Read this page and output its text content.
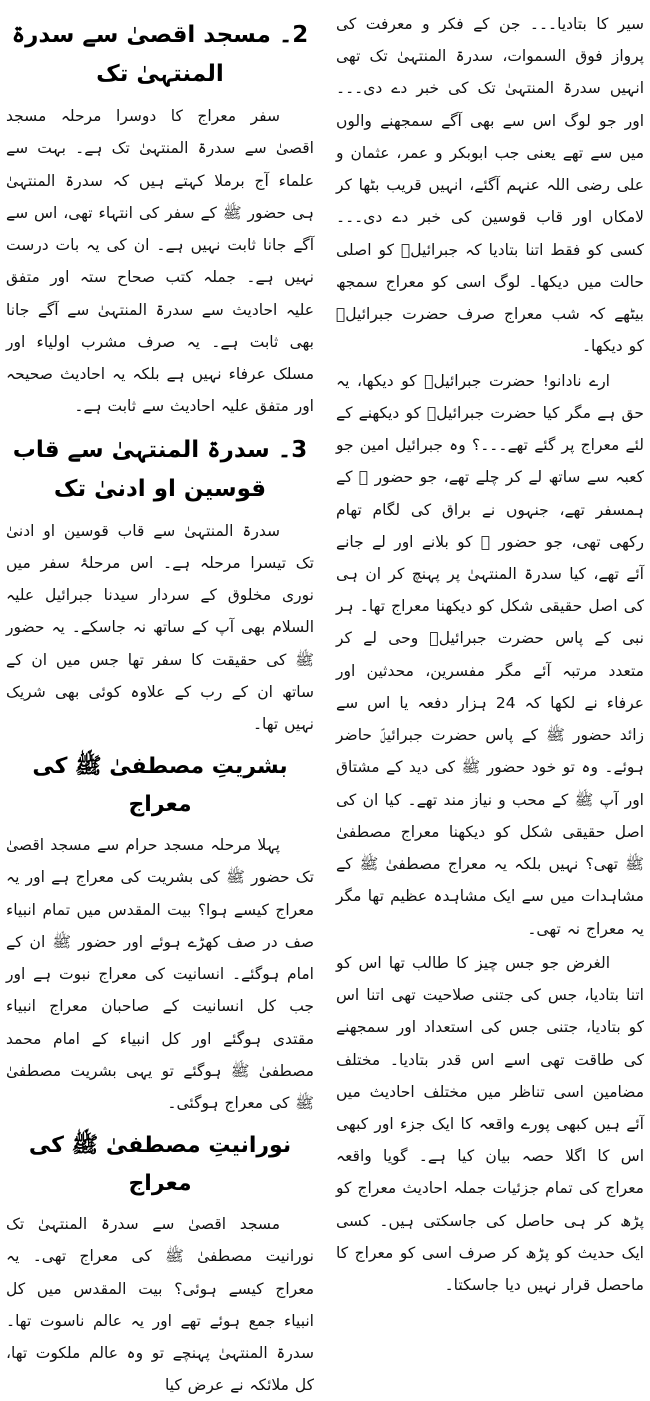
سیر کا بتادیا۔۔۔ جن کے فکر و معرفت کی پرواز فوق السموات، سدرۃ المنتہیٰ تک تھی انہیں سدرۃ المنتہیٰ تک کی خبر دے دی۔۔۔ اور جو لوگ اس سے بھی آگے سمجھنے والوں میں سے تھے یعنی جب ابوبکر و عمر، عثمان و علی رضی اللہ عنہم آگئے، انہیں قریب بٹھا کر لامکاں اور قاب قوسین کی خبر دے دی۔۔۔ کسی کو فقط اتنا بتادیا کہ جبرائیلؑ کو اصلی حالت میں دیکھا۔ لوگ اسی کو معراج سمجھ بیٹھے کہ شب معراج صرف حضرت جبرائیلؑ کو دیکھا۔

ارے نادانو! حضرت جبرائیلؑ کو دیکھا، یہ حق ہے مگر کیا حضرت جبرائیلؑ کو دیکھنے کے لئے معراج پر گئے تھے۔۔۔؟ وہ جبرائیل امین جو کعبہ سے ساتھ لے کر چلے تھے، جو حضور ﷺ کے ہمسفر تھے، جنہوں نے براق کی لگام تھام رکھی تھی، جو حضور ﷺ کو بلانے اور لے جانے آئے تھے، کیا سدرۃ المنتہیٰ پر پہنچ کر ان ہی کی اصل حقیقی شکل کو دیکھنا معراج تھا۔ ہر نبی کے پاس حضرت جبرائیلؑ وحی لے کر متعدد مرتبہ آئے مگر مفسرین، محدثین اور عرفاء نے لکھا کہ 24 ہزار دفعہ یا اس سے زائد حضور ﷺ کے پاس حضرت جبرائیلؑ حاضر ہوئے۔ وہ تو خود حضور ﷺ کی دید کے مشتاق اور آپ ﷺ کے محب و نیاز مند تھے۔ کیا ان کی اصل حقیقی شکل کو دیکھنا معراج مصطفیٰ ﷺ تھی؟ نہیں بلکہ یہ معراج مصطفیٰ ﷺ کے مشاہدات میں سے ایک مشاہدہ عظیم تھا مگر یہ معراج نہ تھی۔

الغرض جو جس چیز کا طالب تھا اس کو اتنا بتادیا، جس کی جتنی صلاحیت تھی اتنا اس کو بتادیا، جتنی جس کی استعداد اور سمجھنے کی طاقت تھی اسے اس قدر بتادیا۔ مختلف مضامین اسی تناظر میں مختلف احادیث میں آئے ہیں کبھی پورے واقعہ کا ایک جزء اور کبھی اس کا اگلا حصہ بیان کیا ہے۔ گویا واقعہ معراج کی تمام جزئیات جملہ احادیث معراج کو پڑھ کر ہی حاصل کی جاسکتی ہیں۔ کسی ایک حدیث کو پڑھ کر صرف اسی کو معراج کا ماحصل قرار نہیں دیا جاسکتا۔

2۔ مسجد اقصیٰ سے سدرۃ المنتہیٰ تک

سفر معراج کا دوسرا مرحلہ مسجد اقصیٰ سے سدرۃ المنتہیٰ تک ہے۔ بہت سے علماء آج برملا کہتے ہیں کہ سدرۃ المنتہیٰ ہی حضور ﷺ کے سفر کی انتہاء تھی، اس سے آگے جانا ثابت نہیں ہے۔ ان کی یہ بات درست نہیں ہے۔ جملہ کتب صحاح ستہ اور متفق علیہ احادیث سے سدرۃ المنتہیٰ سے آگے جانا بھی ثابت ہے۔ یہ صرف مشرب اولیاء اور مسلک عرفاء نہیں ہے بلکہ یہ احادیث صحیحہ اور متفق علیہ احادیث سے ثابت ہے۔

3۔ سدرۃ المنتہیٰ سے قاب قوسین او ادنیٰ تک

سدرۃ المنتہیٰ سے قاب قوسین او ادنیٰ تک تیسرا مرحلہ ہے۔ اس مرحلۂ سفر میں نوری مخلوق کے سردار سیدنا جبرائیل علیہ السلام بھی آپ کے ساتھ نہ جاسکے۔ یہ حضور ﷺ کی حقیقت کا سفر تھا جس میں ان کے ساتھ ان کے رب کے علاوہ کوئی بھی شریک نہیں تھا۔

بشریتِ مصطفیٰ ﷺ کی معراج

پہلا مرحلہ مسجد حرام سے مسجد اقصیٰ تک حضور ﷺ کی بشریت کی معراج ہے اور یہ معراج کیسے ہوا؟ بیت المقدس میں تمام انبیاء صف در صف کھڑے ہوئے اور حضور ﷺ ان کے امام ہوگئے۔ انسانیت کی معراج نبوت ہے اور جب کل انسانیت کے صاحبان معراج انبیاء مقتدی ہوگئے اور کل انبیاء کے امام محمد مصطفیٰ ﷺ ہوگئے تو یہی بشریت مصطفیٰ ﷺ کی معراج ہوگئی۔

نورانیتِ مصطفیٰ ﷺ کی معراج

مسجد اقصیٰ سے سدرۃ المنتہیٰ تک نورانیت مصطفیٰ ﷺ کی معراج تھی۔ یہ معراج کیسے ہوئی؟ بیت المقدس میں کل انبیاء جمع ہوئے تھے اور یہ عالم ناسوت تھا۔ سدرۃ المنتہیٰ پہنچے تو وہ عالم ملکوت تھا، کل ملائکہ نے عرض کیا
